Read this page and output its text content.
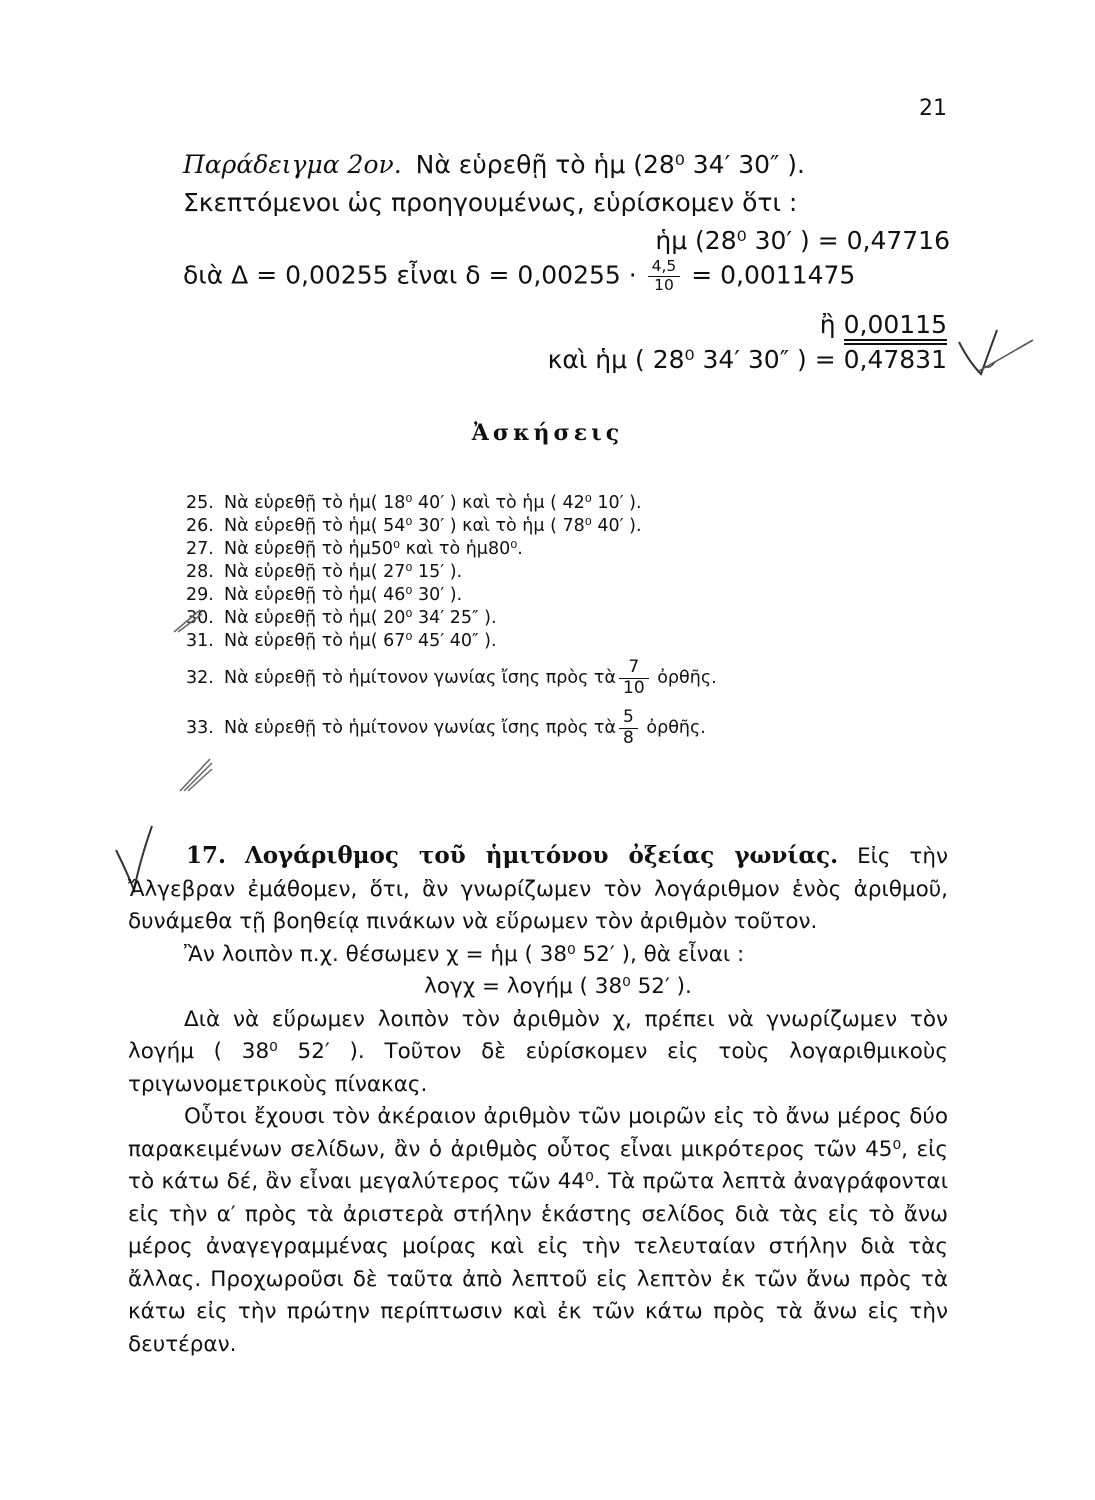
21
Παράδειγμα 2ον. Νὰ εὑρεθῇ τὸ ἡμ (28⁰ 34′ 30″ ).
Σκεπτόμενοι ὡς προηγουμένως, εὑρίσκομεν ὅτι :
ἡμ (28⁰ 30′ ) = 0,47716
διὰ Δ = 0,00255 εἶναι $\delta = 0,00255 \cdot \frac{4,5}{10} = 0,0011475$
ἢ 0,00115
καὶ ἡμ ( 28⁰ 34′ 30″ ) = 0,47831
Ἀσκήσεις
25. Νὰ εὑρεθῇ τὸ ἡμ( 18⁰ 40′ ) καὶ τὸ ἡμ ( 42⁰ 10′ ).
26. Νὰ εὑρεθῇ τὸ ἡμ( 54⁰ 30′ ) καὶ τὸ ἡμ ( 78⁰ 40′ ).
27. Νὰ εὑρεθῇ τὸ ἡμ50⁰ καὶ τὸ ἡμ80⁰.
28. Νὰ εὑρεθῇ τὸ ἡμ( 27⁰ 15′ ).
29. Νὰ εὑρεθῇ τὸ ἡμ( 46⁰ 30′ ).
30. Νὰ εὑρεθῇ τὸ ἡμ( 20⁰ 34′ 25″ ).
31. Νὰ εὑρεθῇ τὸ ἡμ( 67⁰ 45′ 40″ ).
32. Νὰ εὑρεθῇ τὸ ἡμίτονον γωνίας ἴσης πρὸς τὰ $\frac{7}{10}$ ὀρθῆς.
33. Νὰ εὑρεθῇ τὸ ἡμίτονον γωνίας ἴσης πρὸς τὰ $\frac{5}{8}$ ὀρθῆς.

17. Λογάριθμος τοῦ ἡμιτόνου ὀξείας γωνίας. Εἰς τὴν Ἄλγεβραν ἐμάθομεν, ὅτι, ἂν γνωρίζωμεν τὸν λογάριθμον ἑνὸς ἀριθμοῦ, δυνάμεθα τῇ βοηθείᾳ πινάκων νὰ εὕρωμεν τὸν ἀριθμὸν τοῦτον.

Ἂν λοιπὸν π.χ. θέσωμεν χ = ἡμ ( 38⁰ 52′ ), θὰ εἶναι :

λογχ = λογήμ ( 38⁰ 52′ ).

Διὰ νὰ εὕρωμεν λοιπὸν τὸν ἀριθμὸν χ, πρέπει νὰ γνωρίζωμεν τὸν λογήμ ( 38⁰ 52′ ). Τοῦτον δὲ εὑρίσκομεν εἰς τοὺς λογαριθμικοὺς τριγωνομετρικοὺς πίνακας.

Οὗτοι ἔχουσι τὸν ἀκέραιον ἀριθμὸν τῶν μοιρῶν εἰς τὸ ἄνω μέρος δύο παρακειμένων σελίδων, ἂν ὁ ἀριθμὸς οὗτος εἶναι μικρότερος τῶν 45⁰, εἰς τὸ κάτω δέ, ἂν εἶναι μεγαλύτερος τῶν 44⁰. Τὰ πρῶτα λεπτὰ ἀναγράφονται εἰς τὴν α′ πρὸς τὰ ἀριστερὰ στήλην ἑκάστης σελίδος διὰ τὰς εἰς τὸ ἄνω μέρος ἀναγεγραμμένας μοίρας καὶ εἰς τὴν τελευταίαν στήλην διὰ τὰς ἄλλας. Προχωροῦσι δὲ ταῦτα ἀπὸ λεπτοῦ εἰς λεπτὸν ἐκ τῶν ἄνω πρὸς τὰ κάτω εἰς τὴν πρώτην περίπτωσιν καὶ ἐκ τῶν κάτω πρὸς τὰ ἄνω εἰς τὴν δευτέραν.
